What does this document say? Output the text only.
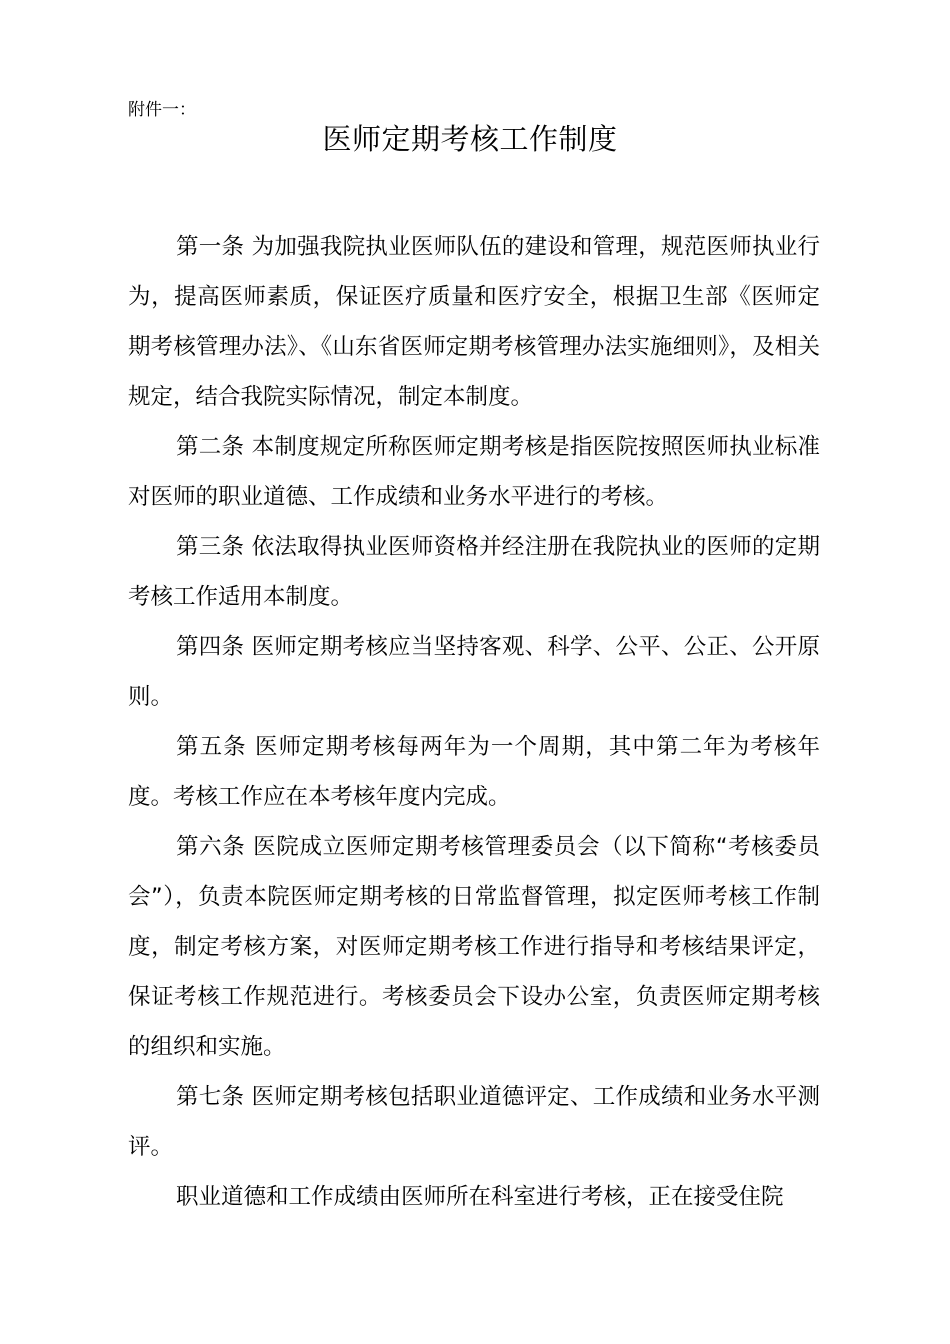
附件一：
医师定期考核工作制度

第一条 为加强我院执业医师队伍的建设和管理，规范医师执业行为，提高医师素质，保证医疗质量和医疗安全，根据卫生部《医师定期考核管理办法》、《山东省医师定期考核管理办法实施细则》，及相关规定，结合我院实际情况，制定本制度。

第二条 本制度规定所称医师定期考核是指医院按照医师执业标准对医师的职业道德、工作成绩和业务水平进行的考核。

第三条 依法取得执业医师资格并经注册在我院执业的医师的定期考核工作适用本制度。

第四条 医师定期考核应当坚持客观、科学、公平、公正、公开原则。

第五条 医师定期考核每两年为一个周期，其中第二年为考核年度。考核工作应在本考核年度内完成。

第六条 医院成立医师定期考核管理委员会（以下简称“考核委员会”），负责本院医师定期考核的日常监督管理，拟定医师考核工作制度，制定考核方案，对医师定期考核工作进行指导和考核结果评定，保证考核工作规范进行。考核委员会下设办公室，负责医师定期考核的组织和实施。

第七条 医师定期考核包括职业道德评定、工作成绩和业务水平测评。

职业道德和工作成绩由医师所在科室进行考核，正在接受住院
